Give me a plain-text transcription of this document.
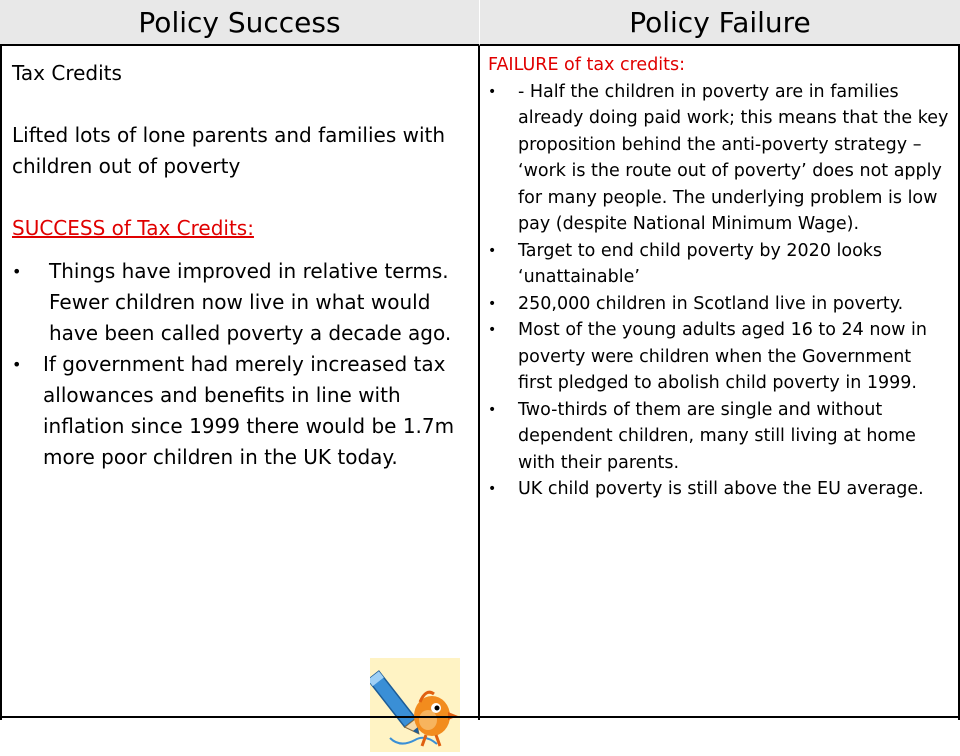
Policy Success	Policy Failure

Tax Credits

Lifted lots of lone parents and families with children out of poverty

SUCCESS of Tax Credits:

• Things have improved in relative terms. Fewer children now live in what would have been called poverty a decade ago.
• If government had merely increased tax allowances and benefits in line with inflation since 1999 there would be 1.7m more poor children in the UK today.

FAILURE of tax credits:

• - Half the children in poverty are in families already doing paid work; this means that the key proposition behind the anti-poverty strategy – ‘work is the route out of poverty’ does not apply for many people. The underlying problem is low pay (despite National Minimum Wage).
• Target to end child poverty by 2020 looks ‘unattainable’
• 250,000 children in Scotland live in poverty.
• Most of the young adults aged 16 to 24 now in poverty were children when the Government first pledged to abolish child poverty in 1999.
• Two-thirds of them are single and without dependent children, many still living at home with their parents.
• UK child poverty is still above the EU average.
